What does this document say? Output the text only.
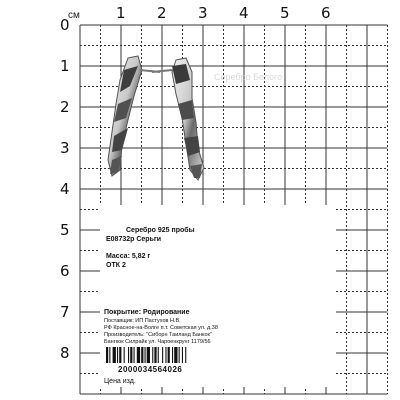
см 1 2 3 4 5 6
0
1
2
3
4
5
6
7
8
Серебро Белого
Серебро 925 пробы
Е08732р Серьги
Масса: 5,82 г
ОТК 2
Покрытие: Родирование
Поставщик: ИП Пастухов Н.В.
РФ Красное-на-Волге п.т. Советская ул. д.38
Производитель: "Сиборн Таиланд Банкок"
Бангкок Силрайк ул. Чароенкрунг 1179/56
2000034564026
Цена изд.
